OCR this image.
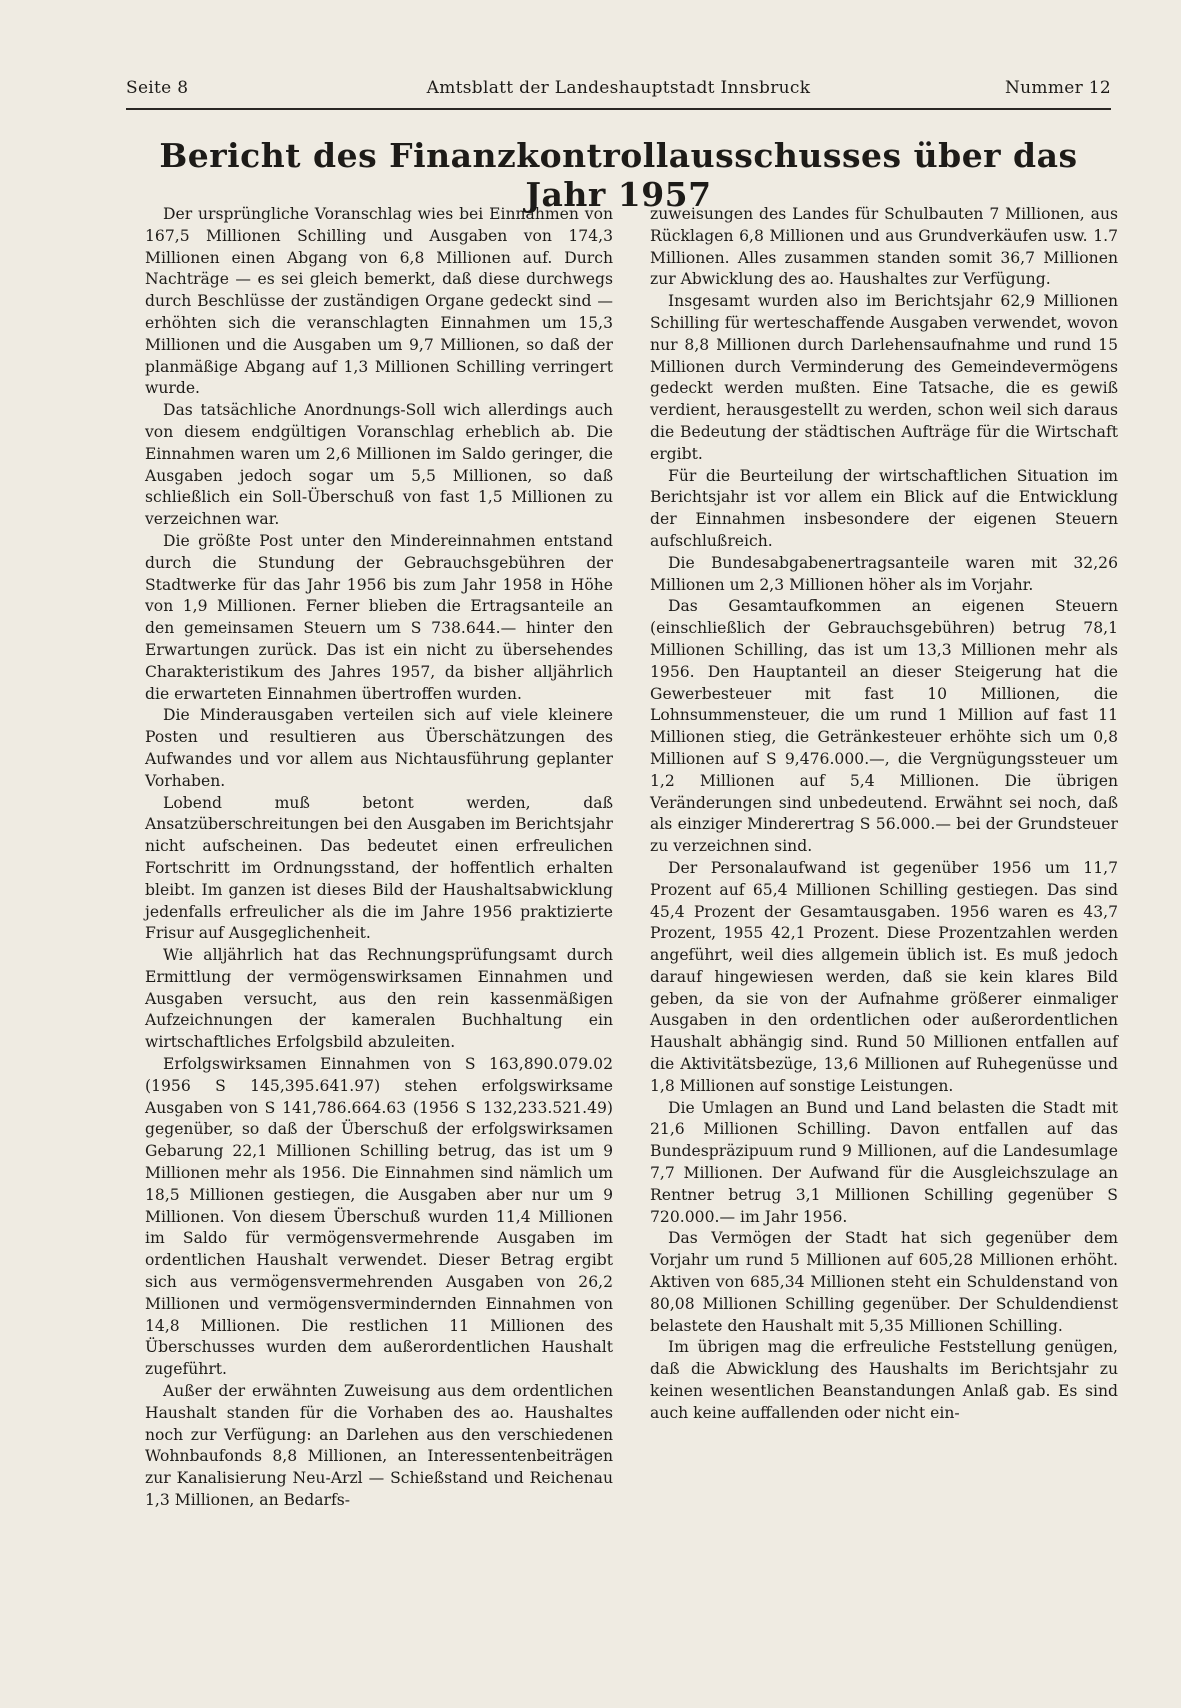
Amtsblatt der Landeshauptstadt Innsbruck
Seite 8	Nummer 12
Bericht des Finanzkontrollausschusses über das Jahr 1957

Der ursprüngliche Voranschlag wies bei Einnahmen von 167,5 Millionen Schilling und Ausgaben von 174,3 Millionen einen Abgang von 6,8 Millionen auf. Durch Nachträge — es sei gleich bemerkt, daß diese durchwegs durch Beschlüsse der zuständigen Organe gedeckt sind — erhöhten sich die veranschlagten Einnahmen um 15,3 Millionen und die Ausgaben um 9,7 Millionen, so daß der planmäßige Abgang auf 1,3 Millionen Schilling verringert wurde.

Das tatsächliche Anordnungs-Soll wich allerdings auch von diesem endgültigen Voranschlag erheblich ab. Die Einnahmen waren um 2,6 Millionen im Saldo geringer, die Ausgaben jedoch sogar um 5,5 Millionen, so daß schließlich ein Soll-Überschuß von fast 1,5 Millionen zu verzeichnen war.

Die größte Post unter den Mindereinnahmen entstand durch die Stundung der Gebrauchsgebühren der Stadtwerke für das Jahr 1956 bis zum Jahr 1958 in Höhe von 1,9 Millionen. Ferner blieben die Ertragsanteile an den gemeinsamen Steuern um S 738.644.— hinter den Erwartungen zurück. Das ist ein nicht zu übersehendes Charakteristikum des Jahres 1957, da bisher alljährlich die erwarteten Einnahmen übertroffen wurden.

Die Minderausgaben verteilen sich auf viele kleinere Posten und resultieren aus Überschätzungen des Aufwandes und vor allem aus Nichtausführung geplanter Vorhaben.

Lobend muß betont werden, daß Ansatzüberschreitungen bei den Ausgaben im Berichtsjahr nicht aufscheinen. Das bedeutet einen erfreulichen Fortschritt im Ordnungsstand, der hoffentlich erhalten bleibt. Im ganzen ist dieses Bild der Haushaltsabwicklung jedenfalls erfreulicher als die im Jahre 1956 praktizierte Frisur auf Ausgeglichenheit.

Wie alljährlich hat das Rechnungsprüfungsamt durch Ermittlung der vermögenswirksamen Einnahmen und Ausgaben versucht, aus den rein kassenmäßigen Aufzeichnungen der kameralen Buchhaltung ein wirtschaftliches Erfolgsbild abzuleiten.

Erfolgswirksamen Einnahmen von S 163,890.079.02 (1956 S 145,395.641.97) stehen erfolgswirksame Ausgaben von S 141,786.664.63 (1956 S 132,233.521.49) gegenüber, so daß der Überschuß der erfolgswirksamen Gebarung 22,1 Millionen Schilling betrug, das ist um 9 Millionen mehr als 1956. Die Einnahmen sind nämlich um 18,5 Millionen gestiegen, die Ausgaben aber nur um 9 Millionen. Von diesem Überschuß wurden 11,4 Millionen im Saldo für vermögensvermehrende Ausgaben im ordentlichen Haushalt verwendet. Dieser Betrag ergibt sich aus vermögensvermehrenden Ausgaben von 26,2 Millionen und vermögensvermindernden Einnahmen von 14,8 Millionen. Die restlichen 11 Millionen des Überschusses wurden dem außerordentlichen Haushalt zugeführt.

Außer der erwähnten Zuweisung aus dem ordentlichen Haushalt standen für die Vorhaben des ao. Haushaltes noch zur Verfügung: an Darlehen aus den verschiedenen Wohnbaufonds 8,8 Millionen, an Interessentenbeiträgen zur Kanalisierung Neu-Arzl — Schießstand und Reichenau 1,3 Millionen, an Bedarfs-

zuweisungen des Landes für Schulbauten 7 Millionen, aus Rücklagen 6,8 Millionen und aus Grundverkäufen usw. 1.7 Millionen. Alles zusammen standen somit 36,7 Millionen zur Abwicklung des ao. Haushaltes zur Verfügung.

Insgesamt wurden also im Berichtsjahr 62,9 Millionen Schilling für werteschaffende Ausgaben verwendet, wovon nur 8,8 Millionen durch Darlehensaufnahme und rund 15 Millionen durch Verminderung des Gemeindevermögens gedeckt werden mußten. Eine Tatsache, die es gewiß verdient, herausgestellt zu werden, schon weil sich daraus die Bedeutung der städtischen Aufträge für die Wirtschaft ergibt.

Für die Beurteilung der wirtschaftlichen Situation im Berichtsjahr ist vor allem ein Blick auf die Entwicklung der Einnahmen insbesondere der eigenen Steuern aufschlußreich.

Die Bundesabgabenertragsanteile waren mit 32,26 Millionen um 2,3 Millionen höher als im Vorjahr.

Das Gesamtaufkommen an eigenen Steuern (einschließlich der Gebrauchsgebühren) betrug 78,1 Millionen Schilling, das ist um 13,3 Millionen mehr als 1956. Den Hauptanteil an dieser Steigerung hat die Gewerbesteuer mit fast 10 Millionen, die Lohnsummensteuer, die um rund 1 Million auf fast 11 Millionen stieg, die Getränkesteuer erhöhte sich um 0,8 Millionen auf S 9,476.000.—, die Vergnügungssteuer um 1,2 Millionen auf 5,4 Millionen. Die übrigen Veränderungen sind unbedeutend. Erwähnt sei noch, daß als einziger Minderertrag S 56.000.— bei der Grundsteuer zu verzeichnen sind.

Der Personalaufwand ist gegenüber 1956 um 11,7 Prozent auf 65,4 Millionen Schilling gestiegen. Das sind 45,4 Prozent der Gesamtausgaben. 1956 waren es 43,7 Prozent, 1955 42,1 Prozent. Diese Prozentzahlen werden angeführt, weil dies allgemein üblich ist. Es muß jedoch darauf hingewiesen werden, daß sie kein klares Bild geben, da sie von der Aufnahme größerer einmaliger Ausgaben in den ordentlichen oder außerordentlichen Haushalt abhängig sind. Rund 50 Millionen entfallen auf die Aktivitätsbezüge, 13,6 Millionen auf Ruhegenüsse und 1,8 Millionen auf sonstige Leistungen.

Die Umlagen an Bund und Land belasten die Stadt mit 21,6 Millionen Schilling. Davon entfallen auf das Bundespräzipuum rund 9 Millionen, auf die Landesumlage 7,7 Millionen. Der Aufwand für die Ausgleichszulage an Rentner betrug 3,1 Millionen Schilling gegenüber S 720.000.— im Jahr 1956.

Das Vermögen der Stadt hat sich gegenüber dem Vorjahr um rund 5 Millionen auf 605,28 Millionen erhöht. Aktiven von 685,34 Millionen steht ein Schuldenstand von 80,08 Millionen Schilling gegenüber. Der Schuldendienst belastete den Haushalt mit 5,35 Millionen Schilling.

Im übrigen mag die erfreuliche Feststellung genügen, daß die Abwicklung des Haushalts im Berichtsjahr zu keinen wesentlichen Beanstandungen Anlaß gab. Es sind auch keine auffallenden oder nicht ein-
